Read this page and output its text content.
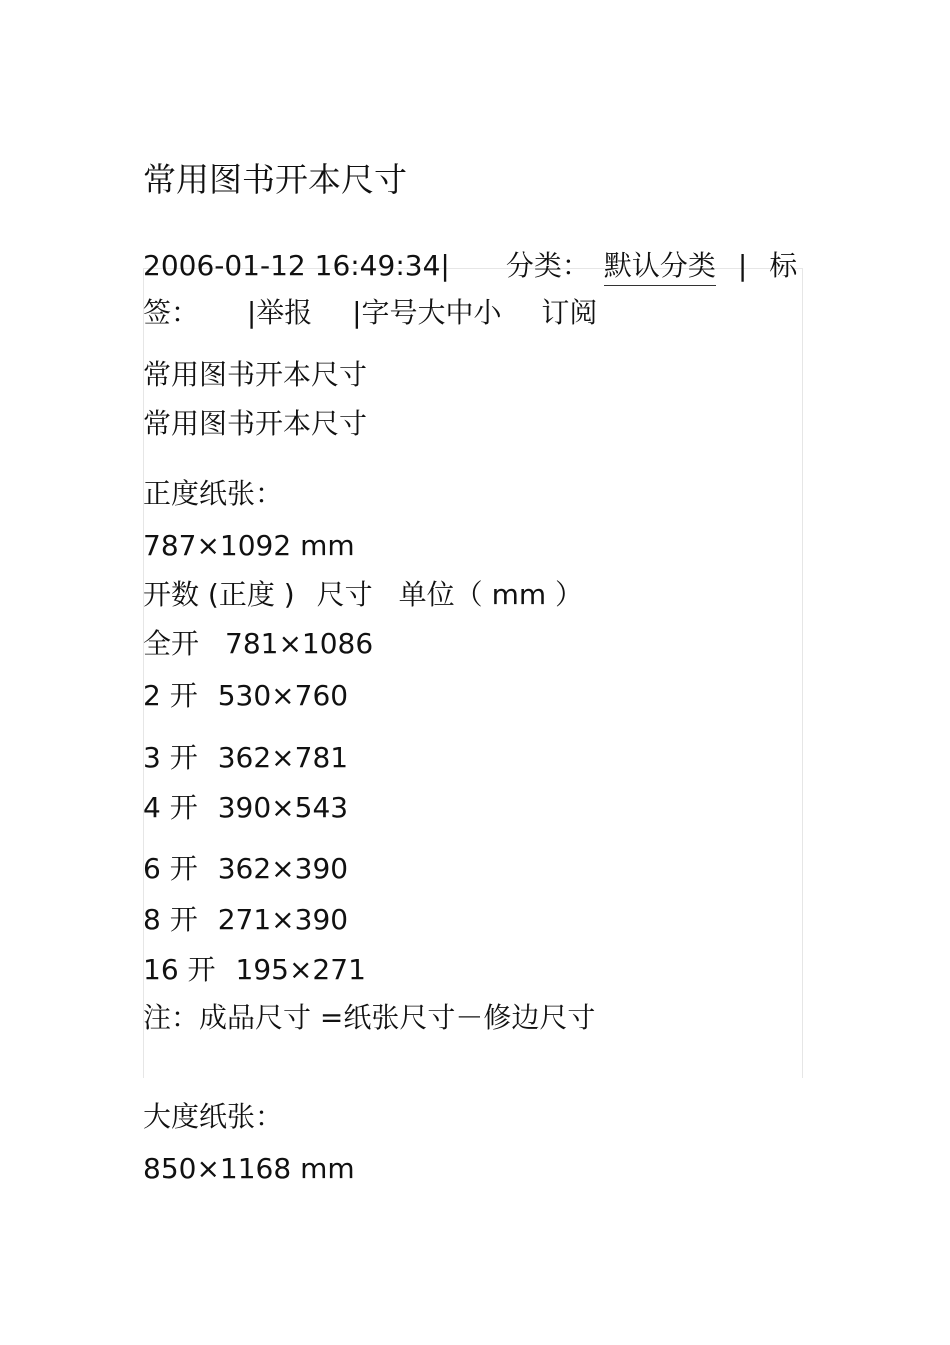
常用图书开本尺寸
2006-01-12 16:49:34| 分类： 默认分类 | 标
签： |举报 |字号大中小 订阅
常用图书开本尺寸
常用图书开本尺寸
正度纸张：
787×1092 mm
开数 (正度 ) 尺寸 单位（ mm ）
全开 781×1086
2 开 530×760
3 开 362×781
4 开 390×543
6 开 362×390
8 开 271×390
16 开 195×271
注：成品尺寸 =纸张尺寸－修边尺寸
大度纸张：
850×1168 mm
